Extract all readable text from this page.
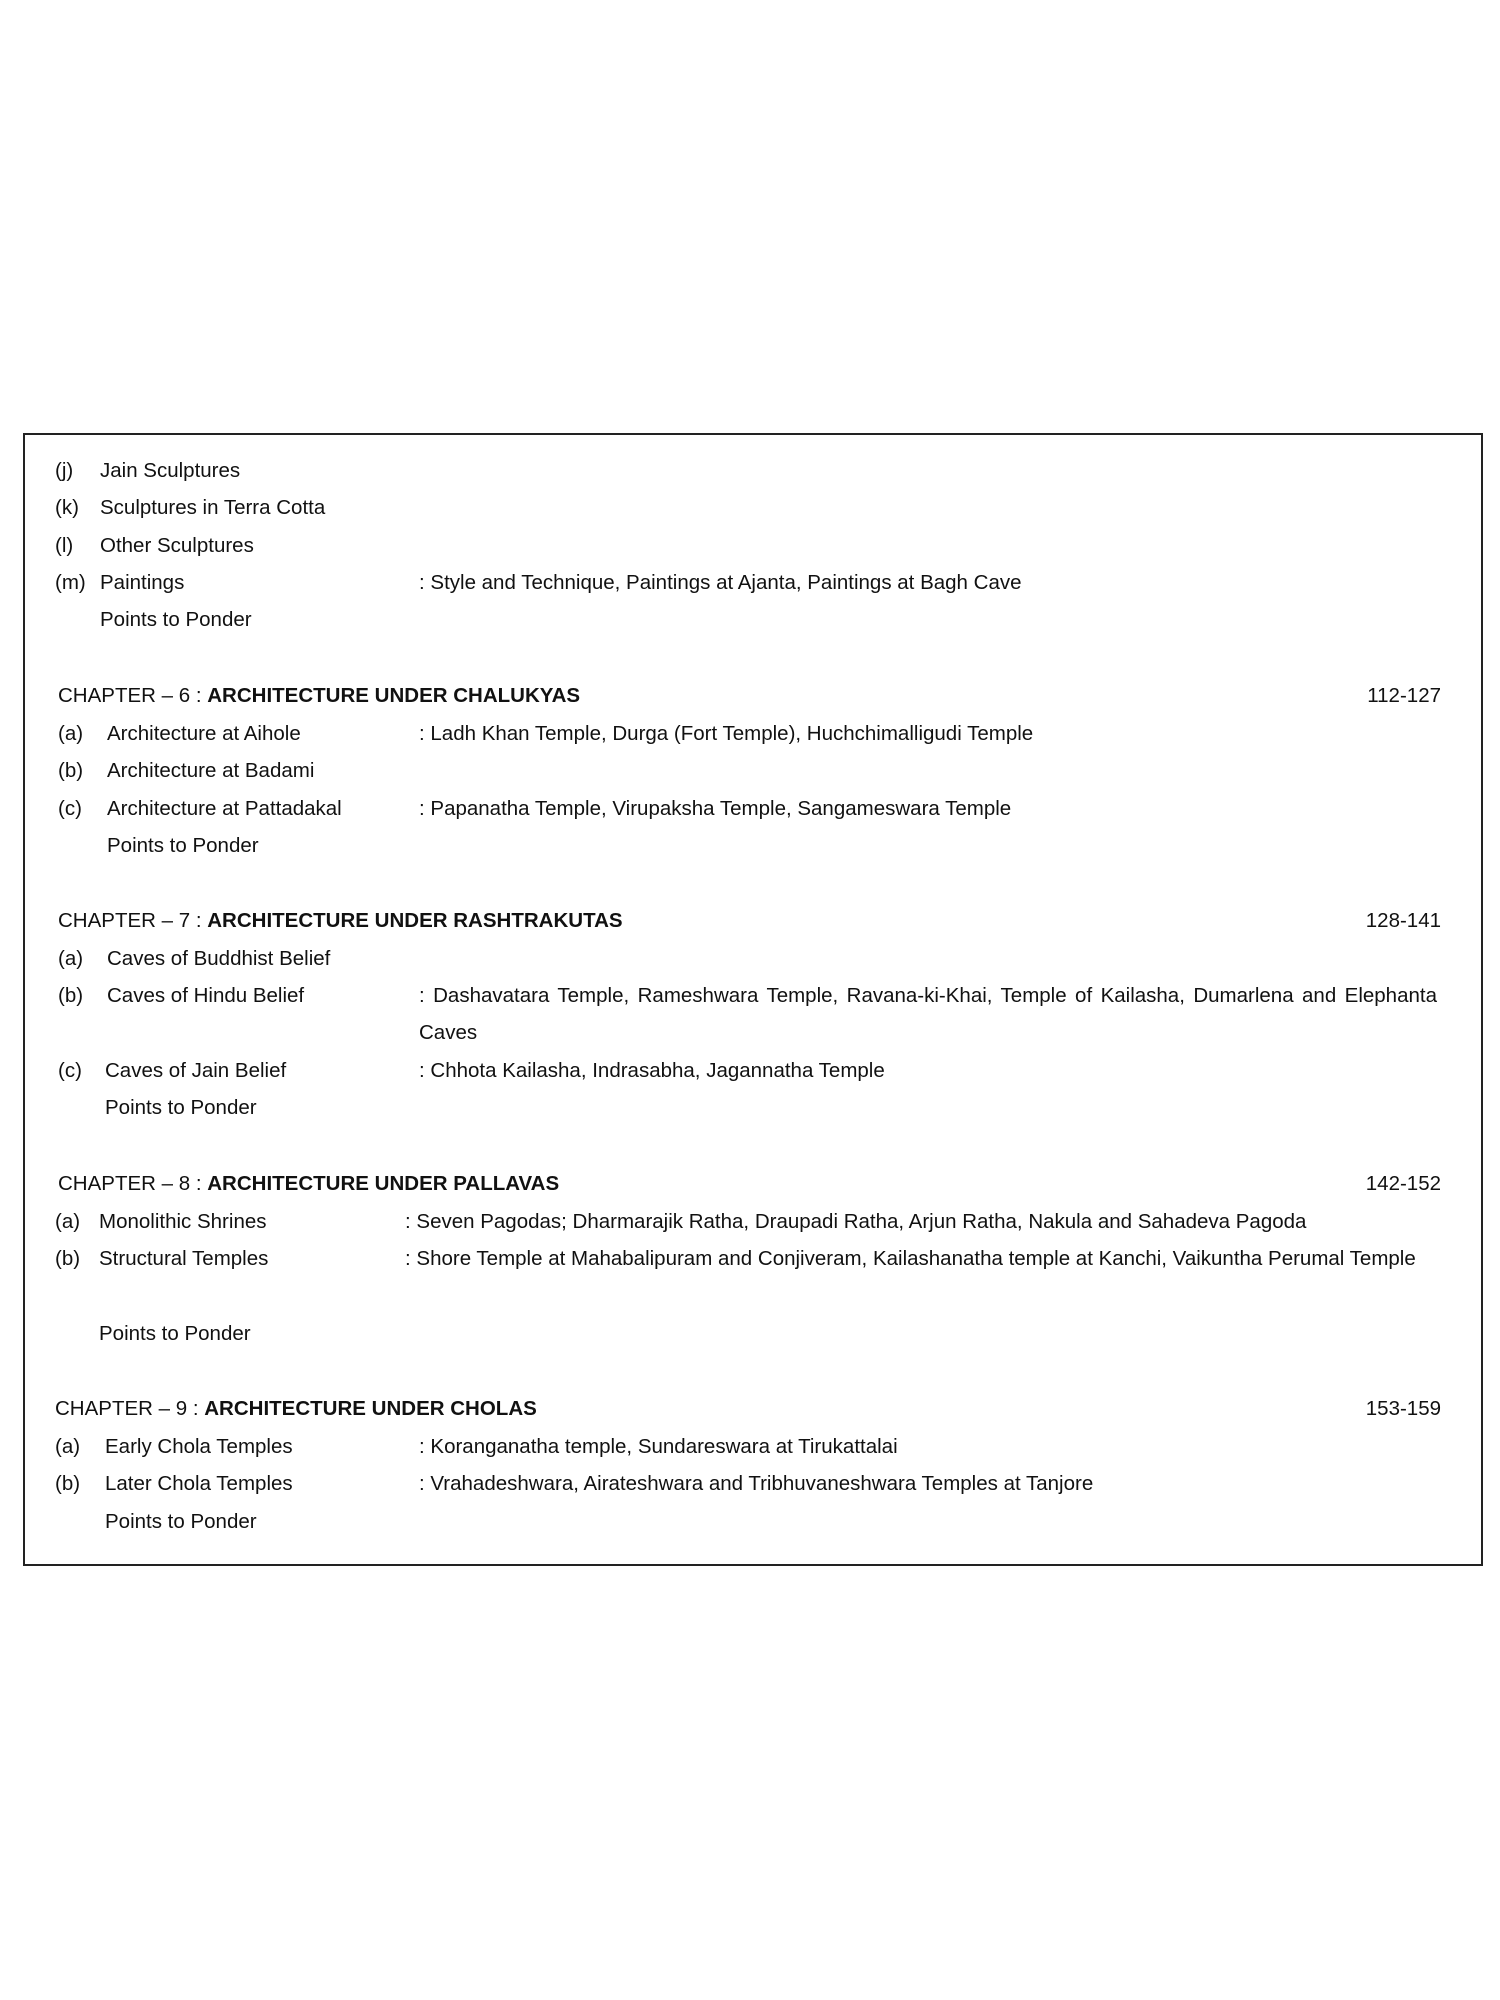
(j) Jain Sculptures
(k) Sculptures in Terra Cotta
(l) Other Sculptures
(m) Paintings	: Style and Technique, Paintings at Ajanta, Paintings at Bagh Cave
Points to Ponder
CHAPTER – 6 : ARCHITECTURE UNDER CHALUKYAS	112-127
(a) Architecture at Aihole	: Ladh Khan Temple, Durga (Fort Temple), Huchchimalligudi Temple
(b) Architecture at Badami
(c) Architecture at Pattadakal	: Papanatha Temple, Virupaksha Temple, Sangameswara Temple
Points to Ponder
CHAPTER – 7 : ARCHITECTURE UNDER RASHTRAKUTAS	128-141
(a) Caves of Buddhist Belief
(b) Caves of Hindu Belief	: Dashavatara Temple, Rameshwara Temple, Ravana-ki-Khai, Temple of Kailasha, Dumarlena and Elephanta Caves
(c) Caves of Jain Belief	: Chhota Kailasha, Indrasabha, Jagannatha Temple
Points to Ponder
CHAPTER – 8 : ARCHITECTURE UNDER PALLAVAS	142-152
(a) Monolithic Shrines	: Seven Pagodas; Dharmarajik Ratha, Draupadi Ratha, Arjun Ratha, Nakula and Sahadeva Pagoda
(b) Structural Temples	: Shore Temple at Mahabalipuram and Conjiveram, Kailashanatha temple at Kanchi, Vaikuntha Perumal Temple
Points to Ponder
CHAPTER – 9 : ARCHITECTURE UNDER CHOLAS	153-159
(a) Early Chola Temples	: Koranganatha temple, Sundareswara at Tirukattalai
(b) Later Chola Temples	: Vrahadeshwara, Airateshwara and Tribhuvaneshwara Temples at Tanjore
Points to Ponder
